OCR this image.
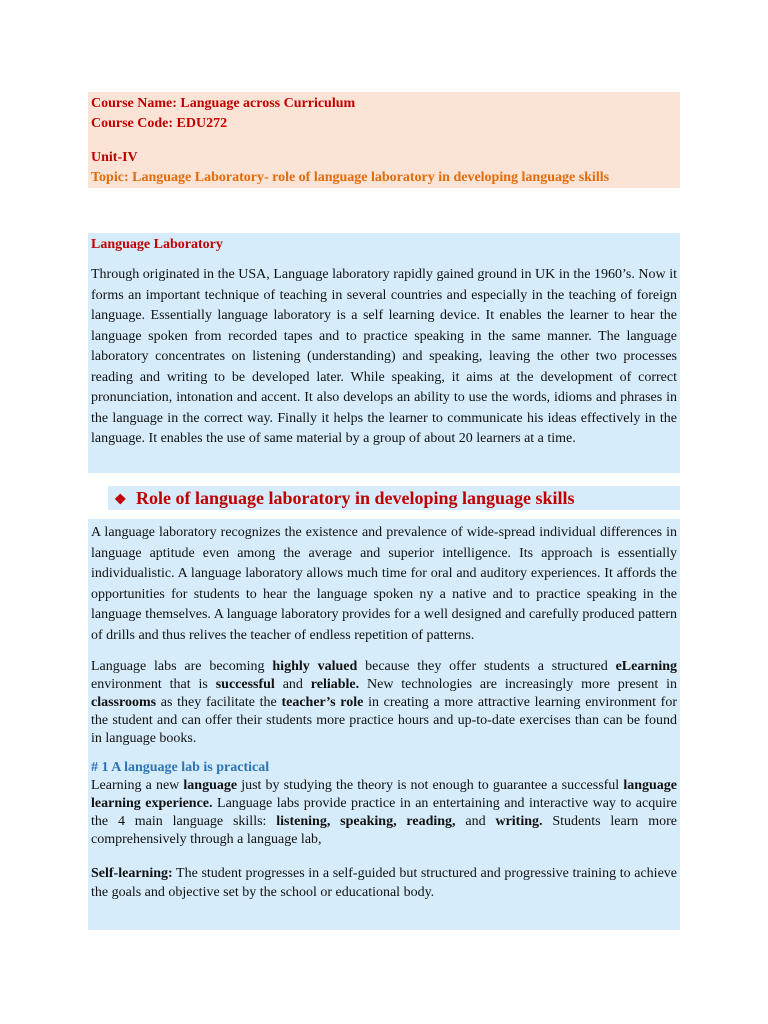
Course Name: Language across Curriculum
Course Code: EDU272
Unit-IV
Topic: Language Laboratory- role of language laboratory in developing language skills
Language Laboratory

Through originated in the USA, Language laboratory rapidly gained ground in UK in the 1960’s. Now it forms an important technique of teaching in several countries and especially in the teaching of foreign language. Essentially language laboratory is a self learning device. It enables the learner to hear the language spoken from recorded tapes and to practice speaking in the same manner. The language laboratory concentrates on listening (understanding) and speaking, leaving the other two processes reading and writing to be developed later. While speaking, it aims at the development of correct pronunciation, intonation and accent. It also develops an ability to use the words, idioms and phrases in the language in the correct way. Finally it helps the learner to communicate his ideas effectively in the language. It enables the use of same material by a group of about 20 learners at a time.

❖ Role of language laboratory in developing language skills

A language laboratory recognizes the existence and prevalence of wide-spread individual differences in language aptitude even among the average and superior intelligence. Its approach is essentially individualistic. A language laboratory allows much time for oral and auditory experiences. It affords the opportunities for students to hear the language spoken ny a native and to practice speaking in the language themselves. A language laboratory provides for a well designed and carefully produced pattern of drills and thus relives the teacher of endless repetition of patterns.

Language labs are becoming highly valued because they offer students a structured eLearning environment that is successful and reliable. New technologies are increasingly more present in classrooms as they facilitate the teacher’s role in creating a more attractive learning environment for the student and can offer their students more practice hours and up-to-date exercises than can be found in language books.

# 1 A language lab is practical

Learning a new language just by studying the theory is not enough to guarantee a successful language learning experience. Language labs provide practice in an entertaining and interactive way to acquire the 4 main language skills: listening, speaking, reading, and writing. Students learn more comprehensively through a language lab,

Self-learning: The student progresses in a self-guided but structured and progressive training to achieve the goals and objective set by the school or educational body.
